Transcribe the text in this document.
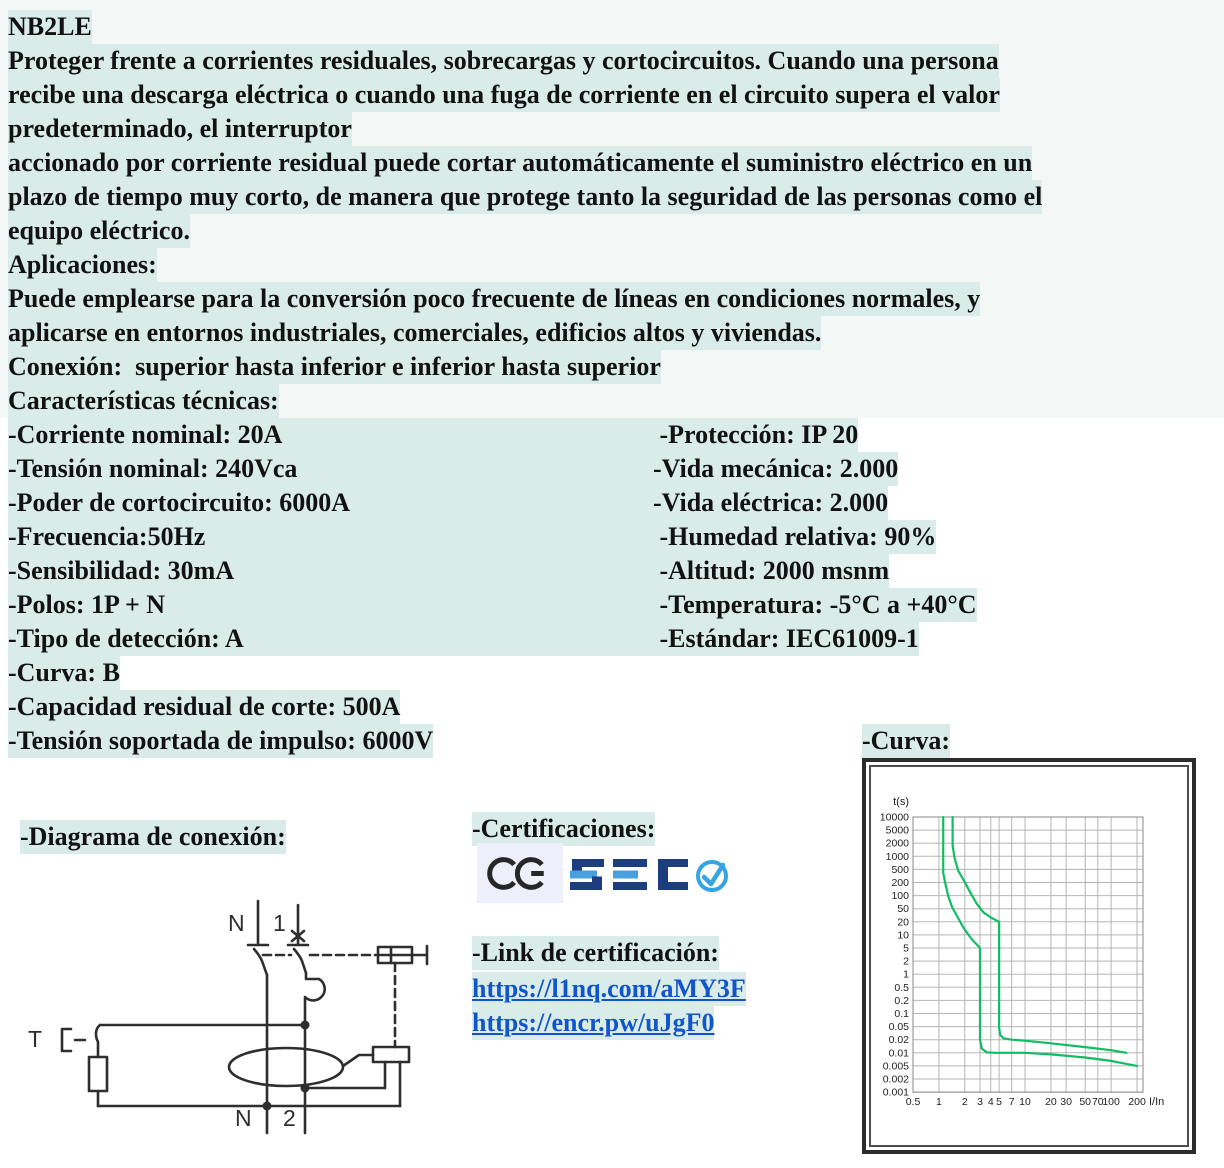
NB2LE
Proteger frente a corrientes residuales, sobrecargas y cortocircuitos. Cuando una persona
recibe una descarga eléctrica o cuando una fuga de corriente en el circuito supera el valor
predeterminado, el interruptor
accionado por corriente residual puede cortar automáticamente el suministro eléctrico en un
plazo de tiempo muy corto, de manera que protege tanto la seguridad de las personas como el
equipo eléctrico.
Aplicaciones:
Puede emplearse para la conversión poco frecuente de líneas en condiciones normales, y
aplicarse en entornos industriales, comerciales, edificios altos y viviendas.
Conexión:  superior hasta inferior e inferior hasta superior
Características técnicas:
-Corriente nominal: 20A	-Protección: IP 20
-Tensión nominal: 240Vca	-Vida mecánica: 2.000
-Poder de cortocircuito: 6000A	-Vida eléctrica: 2.000
-Frecuencia:50Hz	-Humedad relativa: 90%
-Sensibilidad: 30mA	-Altitud: 2000 msnm
-Polos: 1P + N	-Temperatura: -5°C a +40°C
-Tipo de detección: A	-Estándar: IEC61009-1
-Curva: B
-Capacidad residual de corte: 500A
-Tensión soportada de impulso: 6000V	-Curva:
10000
5000
2000
1000
500
200
100
50
20
10
5
2
1
0.5
0.2
0.1
0.05
0.02
0.01
0.005
0.002
0.001
0.5 1 2 3 4 5 7 10 20 30 50 70
100 200
t(s)
I/In
-Diagrama de conexión:
N 1
T
N 2
-Certificaciones:
-Link de certificación:
https://l1nq.com/aMY3F
https://encr.pw/uJgF0
